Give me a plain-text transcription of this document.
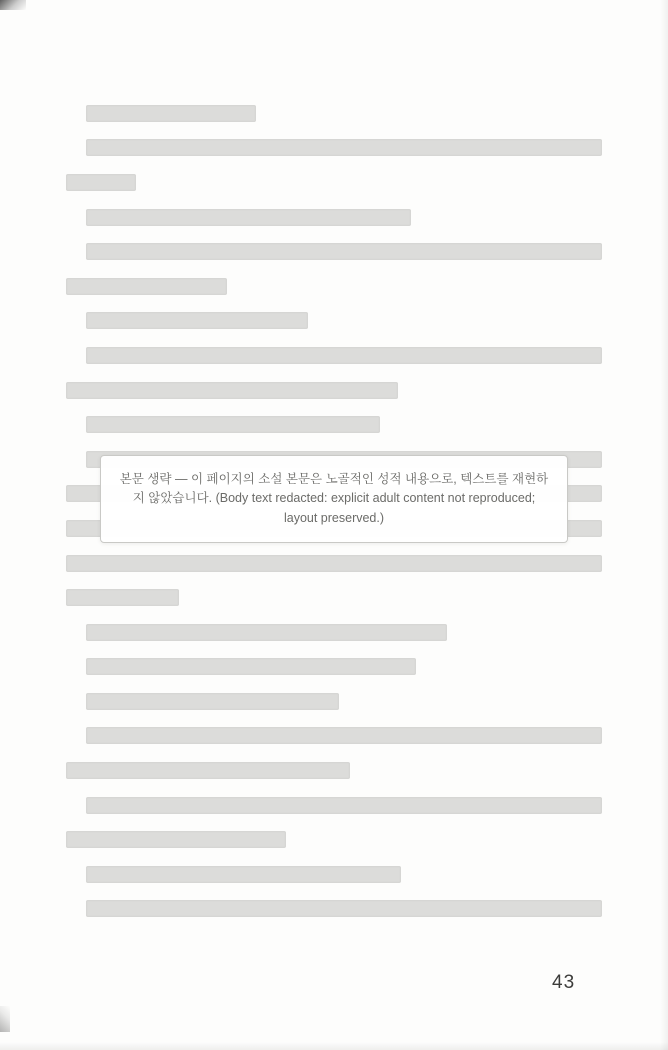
본문 생략 — 이 페이지의 소설 본문은 노골적인 성적 내용으로, 텍스트를 재현하지 않았습니다. (Body text redacted: explicit adult content not reproduced; layout preserved.)
43
